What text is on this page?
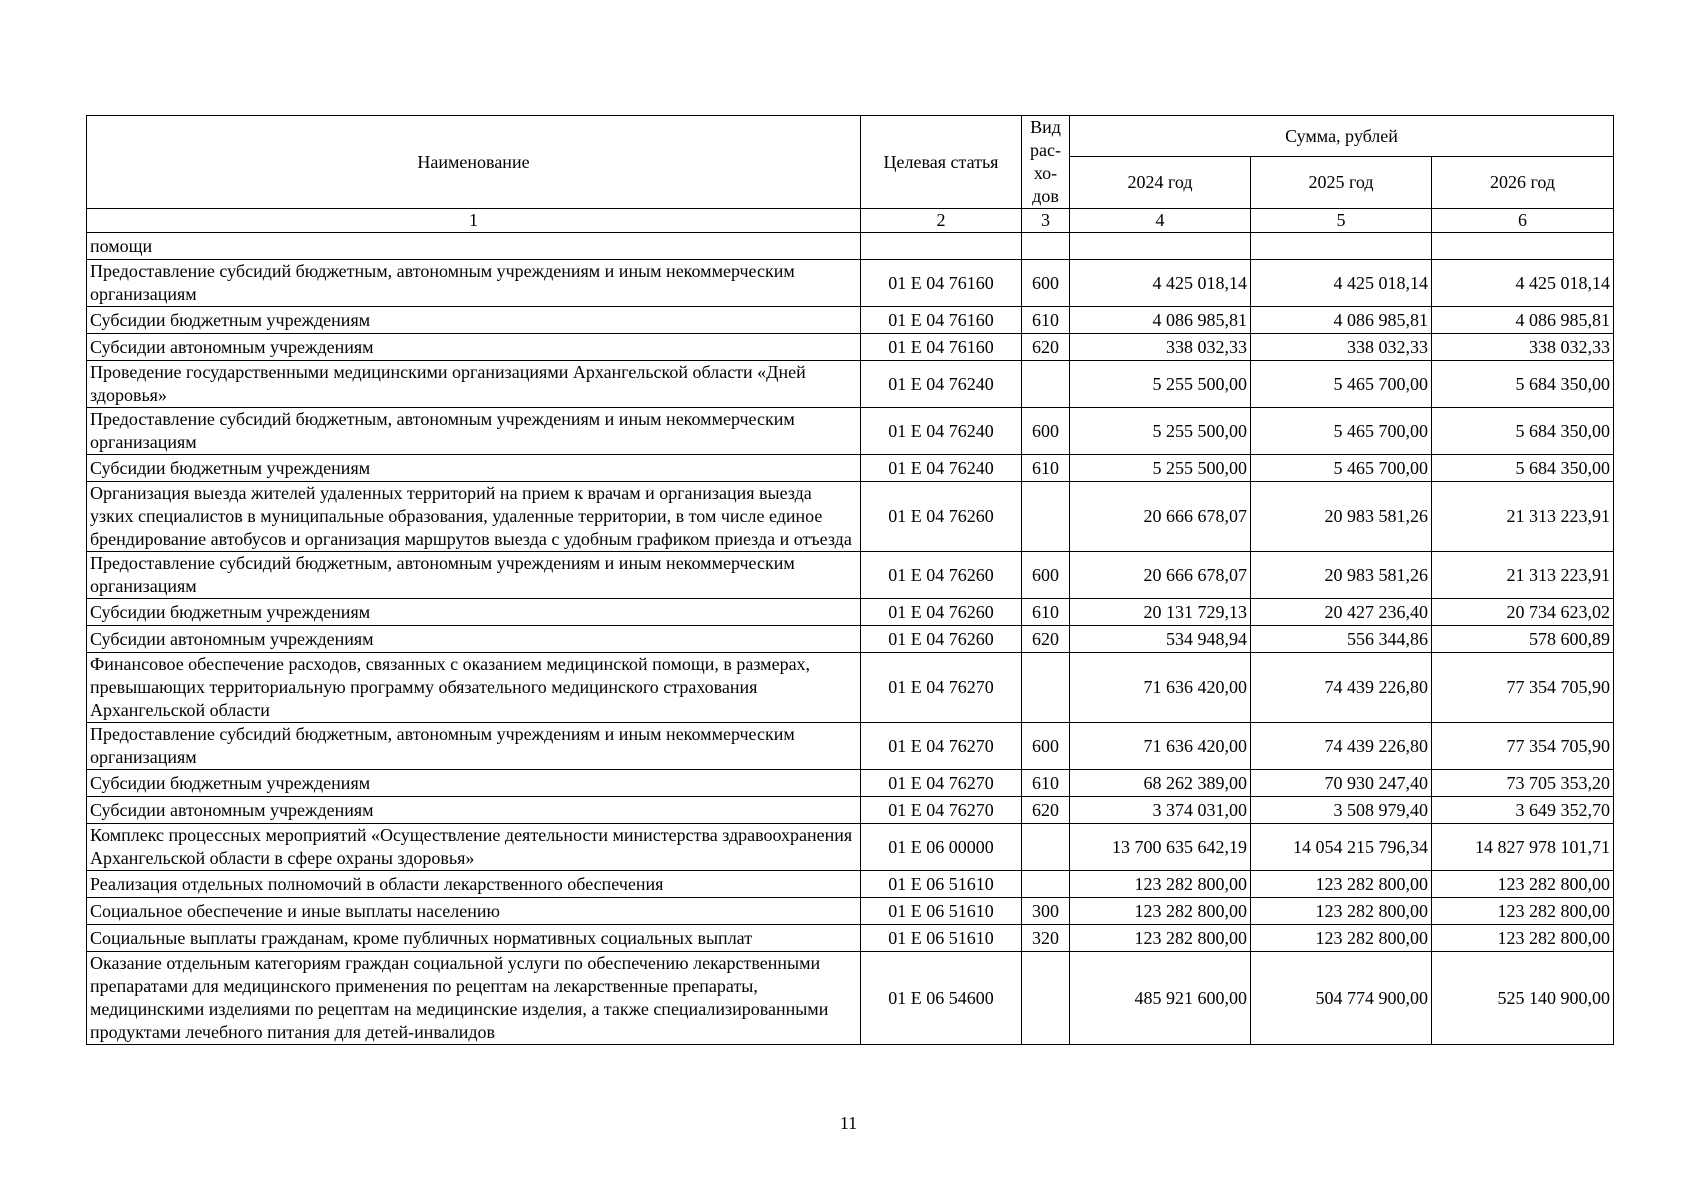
Наименование	Целевая статья	Вид рас-хо-дов	Сумма, рублей		
			2024 год	2025 год	2026 год
1	2	3	4	5	6
помощи					
Предоставление субсидий бюджетным, автономным учреждениям и иным некоммерческим организациям	01 Е 04 76160	600	4 425 018,14	4 425 018,14	4 425 018,14
Субсидии бюджетным учреждениям	01 Е 04 76160	610	4 086 985,81	4 086 985,81	4 086 985,81
Субсидии автономным учреждениям	01 Е 04 76160	620	338 032,33	338 032,33	338 032,33
Проведение государственными медицинскими организациями Архангельской области «Дней здоровья»	01 Е 04 76240		5 255 500,00	5 465 700,00	5 684 350,00
Предоставление субсидий бюджетным, автономным учреждениям и иным некоммерческим организациям	01 Е 04 76240	600	5 255 500,00	5 465 700,00	5 684 350,00
Субсидии бюджетным учреждениям	01 Е 04 76240	610	5 255 500,00	5 465 700,00	5 684 350,00
Организация выезда жителей удаленных территорий на прием к врачам и организация выезда узких специалистов в муниципальные образования, удаленные территории, в том числе единое брендирование автобусов и организация маршрутов выезда с удобным графиком приезда и отъезда	01 Е 04 76260		20 666 678,07	20 983 581,26	21 313 223,91
Предоставление субсидий бюджетным, автономным учреждениям и иным некоммерческим организациям	01 Е 04 76260	600	20 666 678,07	20 983 581,26	21 313 223,91
Субсидии бюджетным учреждениям	01 Е 04 76260	610	20 131 729,13	20 427 236,40	20 734 623,02
Субсидии автономным учреждениям	01 Е 04 76260	620	534 948,94	556 344,86	578 600,89
Финансовое обеспечение расходов, связанных с оказанием медицинской помощи, в размерах, превышающих территориальную программу обязательного медицинского страхования Архангельской области	01 Е 04 76270		71 636 420,00	74 439 226,80	77 354 705,90
Предоставление субсидий бюджетным, автономным учреждениям и иным некоммерческим организациям	01 Е 04 76270	600	71 636 420,00	74 439 226,80	77 354 705,90
Субсидии бюджетным учреждениям	01 Е 04 76270	610	68 262 389,00	70 930 247,40	73 705 353,20
Субсидии автономным учреждениям	01 Е 04 76270	620	3 374 031,00	3 508 979,40	3 649 352,70
Комплекс процессных мероприятий «Осуществление деятельности министерства здравоохранения Архангельской области в сфере охраны здоровья»	01 Е 06 00000		13 700 635 642,19	14 054 215 796,34	14 827 978 101,71
Реализация отдельных полномочий в области лекарственного обеспечения	01 Е 06 51610		123 282 800,00	123 282 800,00	123 282 800,00
Социальное обеспечение и иные выплаты населению	01 Е 06 51610	300	123 282 800,00	123 282 800,00	123 282 800,00
Социальные выплаты гражданам, кроме публичных нормативных социальных выплат	01 Е 06 51610	320	123 282 800,00	123 282 800,00	123 282 800,00
Оказание отдельным категориям граждан социальной услуги по обеспечению лекарственными препаратами для медицинского применения по рецептам на лекарственные препараты, медицинскими изделиями по рецептам на медицинские изделия, а также специализированными продуктами лечебного питания для детей-инвалидов	01 Е 06 54600		485 921 600,00	504 774 900,00	525 140 900,00
11
